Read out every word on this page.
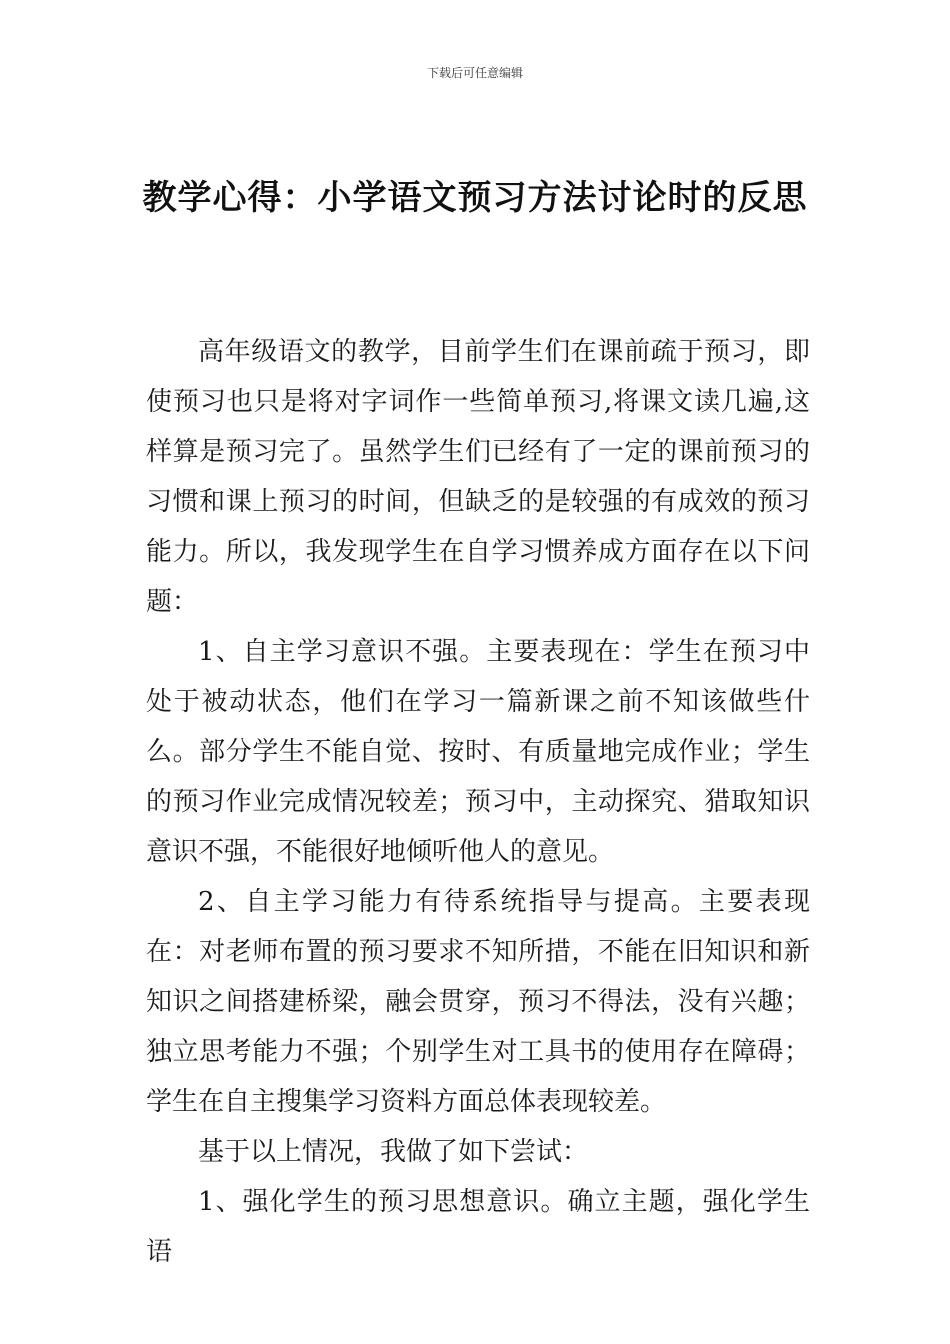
下载后可任意编辑
教学心得：小学语文预习方法讨论时的反思

高年级语文的教学，目前学生们在课前疏于预习，即使预习也只是将对字词作一些简单预习,将课文读几遍,这样算是预习完了。虽然学生们已经有了一定的课前预习的习惯和课上预习的时间，但缺乏的是较强的有成效的预习能力。所以，我发现学生在自学习惯养成方面存在以下问题：

1、自主学习意识不强。主要表现在：学生在预习中处于被动状态，他们在学习一篇新课之前不知该做些什么。部分学生不能自觉、按时、有质量地完成作业；学生的预习作业完成情况较差；预习中，主动探究、猎取知识意识不强，不能很好地倾听他人的意见。

2、自主学习能力有待系统指导与提高。主要表现在：对老师布置的预习要求不知所措，不能在旧知识和新知识之间搭建桥梁，融会贯穿，预习不得法，没有兴趣；独立思考能力不强；个别学生对工具书的使用存在障碍；学生在自主搜集学习资料方面总体表现较差。

基于以上情况，我做了如下尝试：

1、强化学生的预习思想意识。确立主题，强化学生语
